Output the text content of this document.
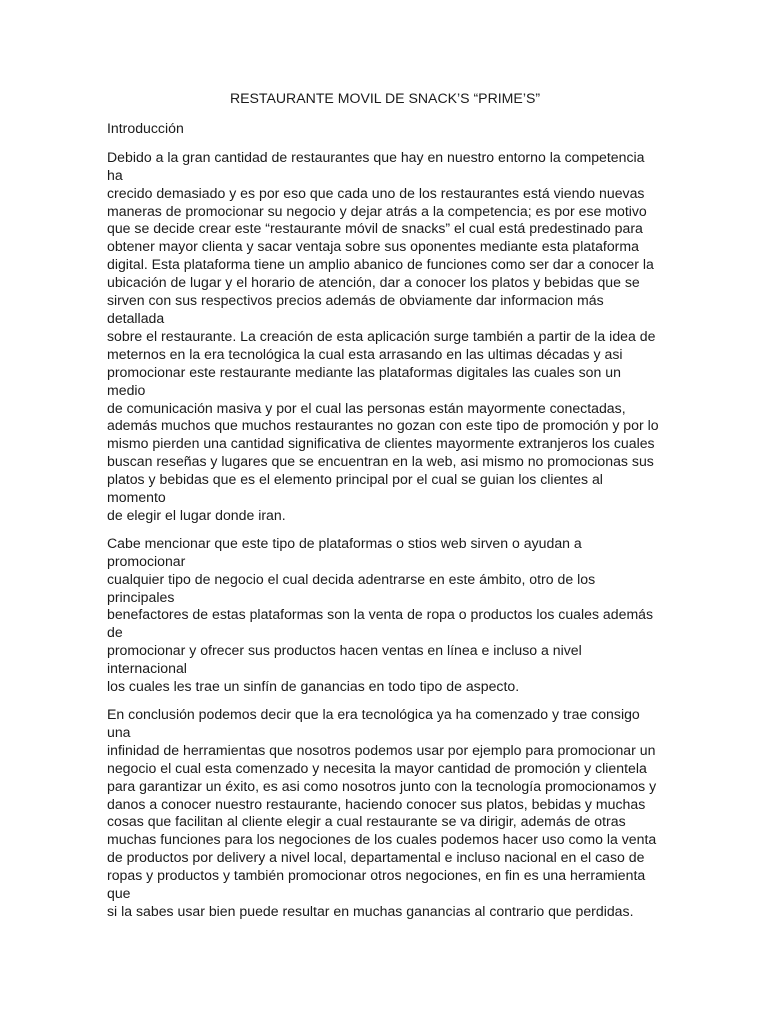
RESTAURANTE MOVIL DE SNACK’S “PRIME’S”
Introducción

Debido a la gran cantidad de restaurantes que hay en nuestro entorno la competencia ha
crecido demasiado y es por eso que cada uno de los restaurantes está viendo nuevas
maneras de promocionar su negocio y dejar atrás a la competencia; es por ese motivo
que se decide crear este “restaurante móvil de snacks” el cual está predestinado para
obtener mayor clienta y sacar ventaja sobre sus oponentes mediante esta plataforma
digital. Esta plataforma tiene un amplio abanico de funciones como ser dar a conocer la
ubicación de lugar y el horario de atención, dar a conocer los platos y bebidas que se
sirven con sus respectivos precios además de obviamente dar informacion más detallada
sobre el restaurante. La creación de esta aplicación surge también a partir de la idea de
meternos en la era tecnológica la cual esta arrasando en las ultimas décadas y asi
promocionar este restaurante mediante las plataformas digitales las cuales son un medio
de comunicación masiva y por el cual las personas están mayormente conectadas,
además muchos que muchos restaurantes no gozan con este tipo de promoción y por lo
mismo pierden una cantidad significativa de clientes mayormente extranjeros los cuales
buscan reseñas y lugares que se encuentran en la web, asi mismo no promocionas sus
platos y bebidas que es el elemento principal por el cual se guian los clientes al momento
de elegir el lugar donde iran.

Cabe mencionar que este tipo de plataformas o stios web sirven o ayudan a promocionar
cualquier tipo de negocio el cual decida adentrarse en este ámbito, otro de los principales
benefactores de estas plataformas son la venta de ropa o productos los cuales además de
promocionar y ofrecer sus productos hacen ventas en línea e incluso a nivel internacional
los cuales les trae un sinfín de ganancias en todo tipo de aspecto.

En conclusión podemos decir que la era tecnológica ya ha comenzado y trae consigo una
infinidad de herramientas que nosotros podemos usar por ejemplo para promocionar un
negocio el cual esta comenzado y necesita la mayor cantidad de promoción y clientela
para garantizar un éxito, es asi como nosotros junto con la tecnología promocionamos y
danos a conocer nuestro restaurante, haciendo conocer sus platos, bebidas y muchas
cosas que facilitan al cliente elegir a cual restaurante se va dirigir, además de otras
muchas funciones para los negociones de los cuales podemos hacer uso como la venta
de productos por delivery a nivel local, departamental e incluso nacional en el caso de
ropas y productos y también promocionar otros negociones, en fin es una herramienta que
si la sabes usar bien puede resultar en muchas ganancias al contrario que perdidas.
